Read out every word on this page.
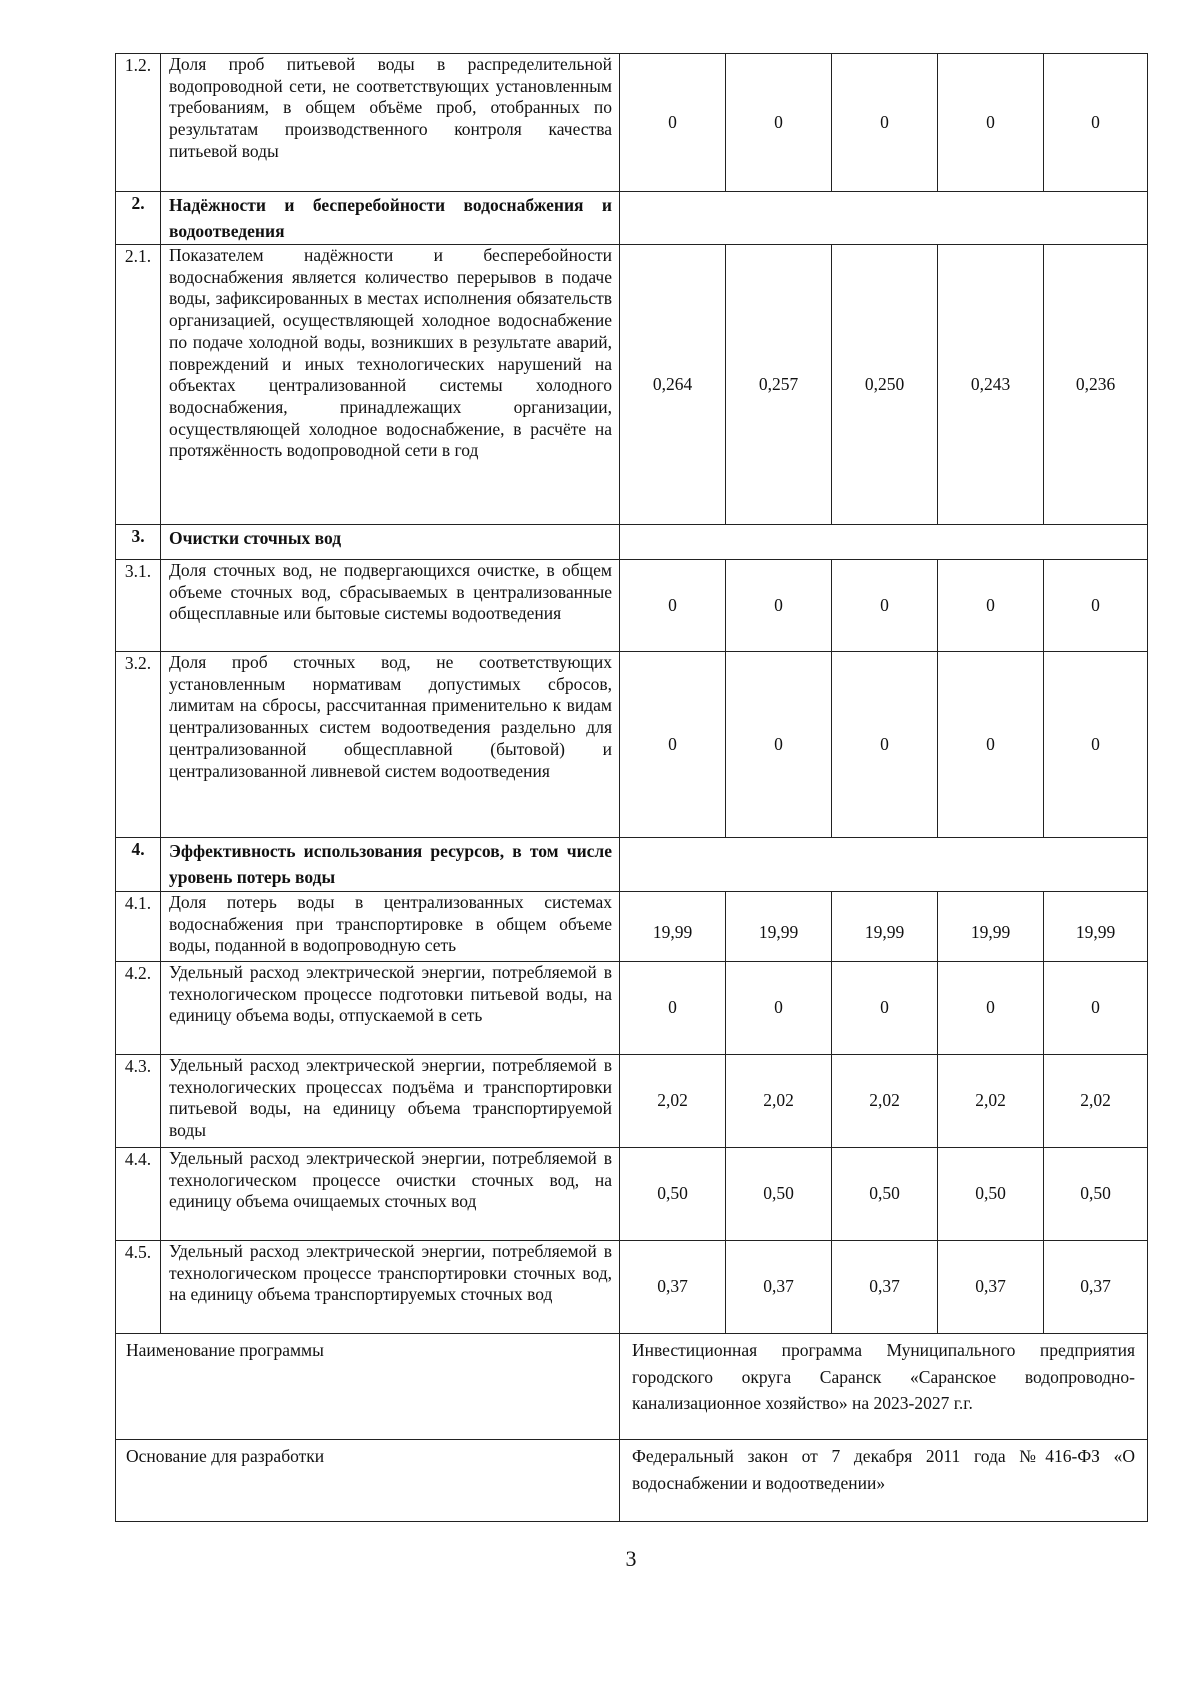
1.2.	Доля проб питьевой воды в распределительной водопроводной сети, не соответствующих установленным требованиям, в общем объёме проб, отобранных по результатам производственного контроля качества питьевой воды	0	0	0	0	0
2.	Надёжности и бесперебойности водоснабжения и водоотведения					
2.1.	Показателем надёжности и бесперебойности водоснабжения является количество перерывов в подаче воды, зафиксированных в местах исполнения обязательств организацией, осуществляющей холодное водоснабжение по подаче холодной воды, возникших в результате аварий, повреждений и иных технологических нарушений на объектах централизованной системы холодного водоснабжения, принадлежащих организации, осуществляющей холодное водоснабжение, в расчёте на протяжённость водопроводной сети в год	0,264	0,257	0,250	0,243	0,236
3.	Очистки сточных вод					
3.1.	Доля сточных вод, не подвергающихся очистке, в общем объеме сточных вод, сбрасываемых в централизованные общесплавные или бытовые системы водоотведения	0	0	0	0	0
3.2.	Доля проб сточных вод, не соответствующих установленным нормативам допустимых сбросов, лимитам на сбросы, рассчитанная применительно к видам централизованных систем водоотведения раздельно для централизованной общесплавной (бытовой) и централизованной ливневой систем водоотведения	0	0	0	0	0
4.	Эффективность использования ресурсов, в том числе уровень потерь воды					
4.1.	Доля потерь воды в централизованных системах водоснабжения при транспортировке в общем объеме воды, поданной в водопроводную сеть	19,99	19,99	19,99	19,99	19,99
4.2.	Удельный расход электрической энергии, потребляемой в технологическом процессе подготовки питьевой воды, на единицу объема воды, отпускаемой в сеть	0	0	0	0	0
4.3.	Удельный расход электрической энергии, потребляемой в технологических процессах подъёма и транспортировки питьевой воды, на единицу объема транспортируемой воды	2,02	2,02	2,02	2,02	2,02
4.4.	Удельный расход электрической энергии, потребляемой в технологическом процессе очистки сточных вод, на единицу объема очищаемых сточных вод	0,50	0,50	0,50	0,50	0,50
4.5.	Удельный расход электрической энергии, потребляемой в технологическом процессе транспортировки сточных вод, на единицу объема транспортируемых сточных вод	0,37	0,37	0,37	0,37	0,37
Наименование программы		Инвестиционная программа Муниципального предприятия городского округа Саранск «Саранское водопроводно-канализационное хозяйство» на 2023-2027 г.г.				
Основание для разработки		Федеральный закон от 7 декабря 2011 года №416-ФЗ «О водоснабжении и водоотведении»				
3
